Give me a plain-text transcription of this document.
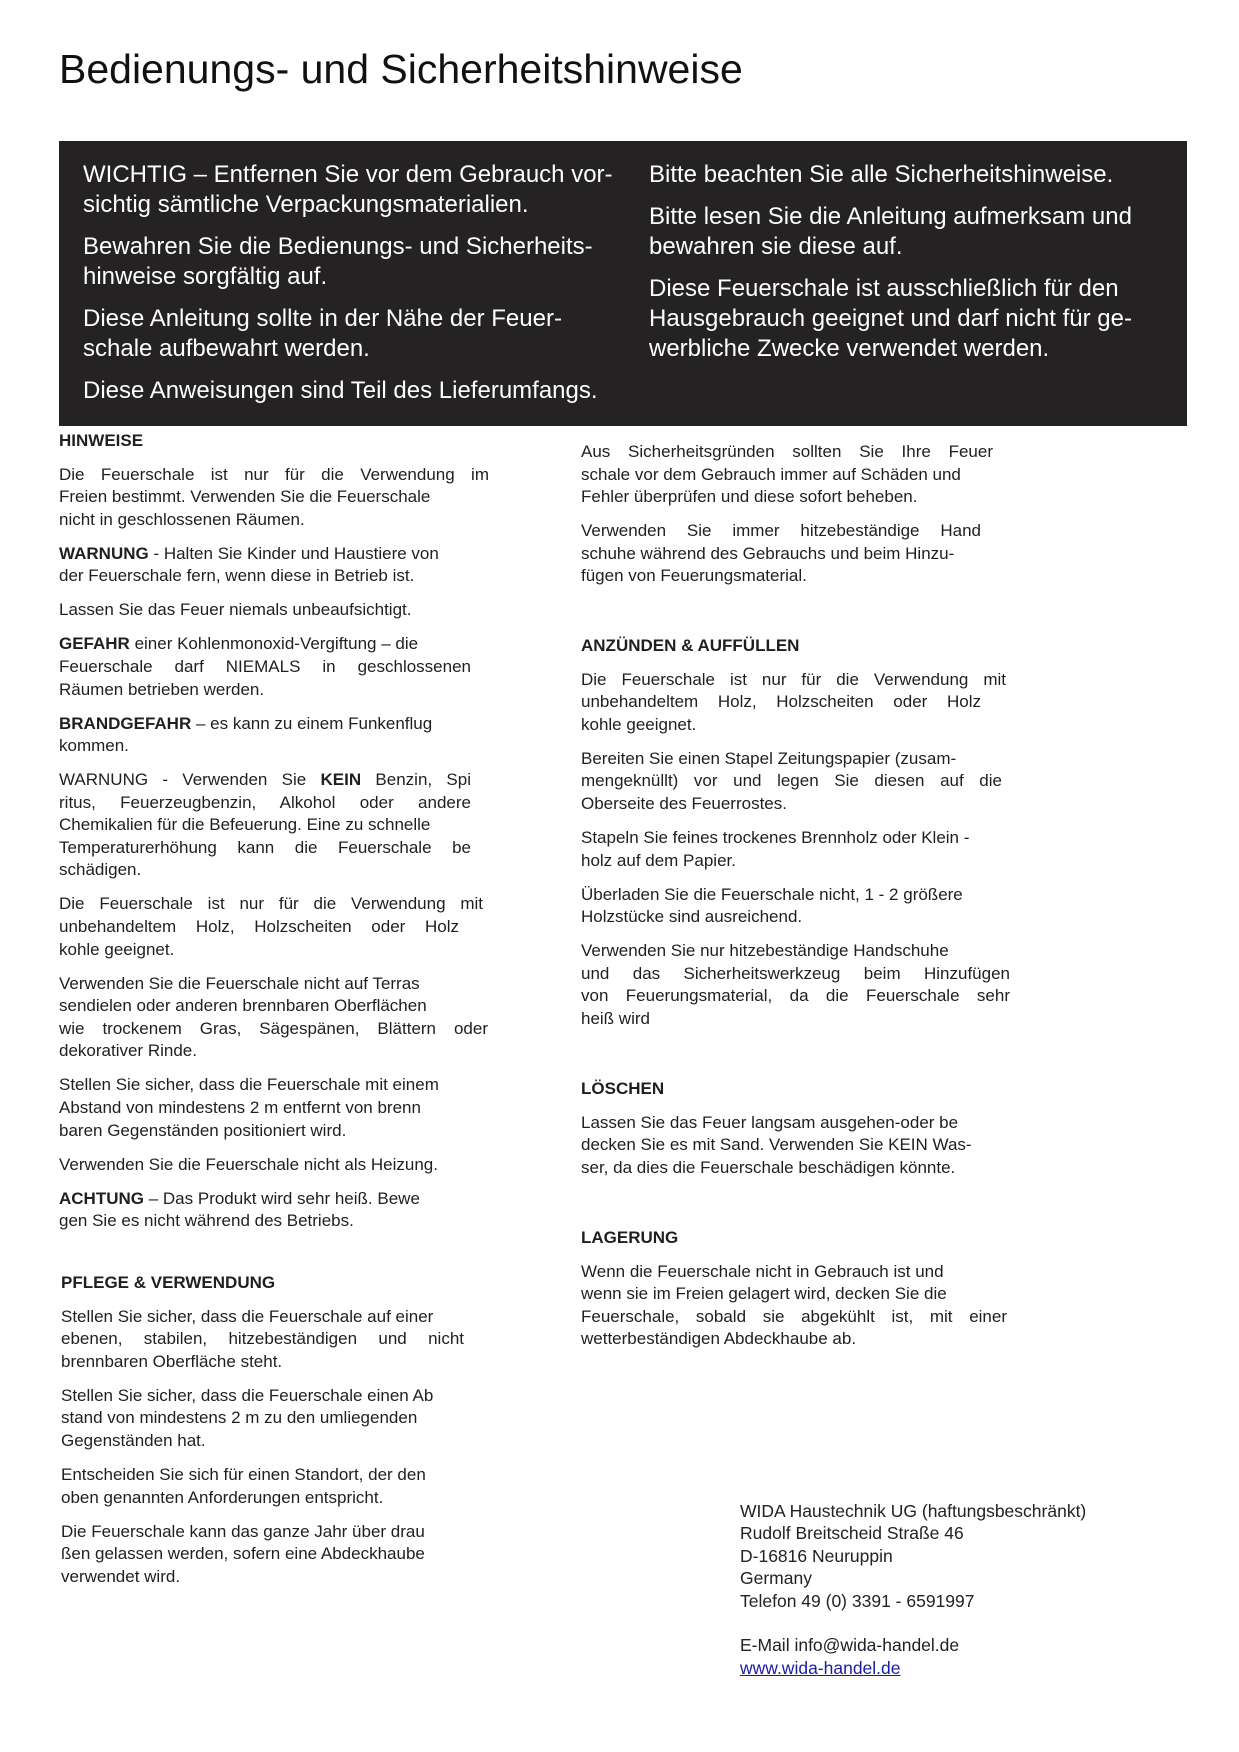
Bedienungs- und Sicherheitshinweise

WICHTIG – Entfernen Sie vor dem Gebrauch vor-
sichtig sämtliche Verpackungsmaterialien.

Bewahren Sie die Bedienungs- und Sicherheits-
hinweise sorgfältig auf.

Diese Anleitung sollte in der Nähe der Feuer-
schale aufbewahrt werden.

Diese Anweisungen sind Teil des Lieferumfangs.

Bitte beachten Sie alle Sicherheitshinweise.

Bitte lesen Sie die Anleitung aufmerksam und
bewahren sie diese auf.

Diese Feuerschale ist ausschließlich für den
Hausgebrauch geeignet und darf nicht für ge-
werbliche Zwecke verwendet werden.

HINWEISE

Die Feuerschale ist nur für die Verwendung im
Freien bestimmt. Verwenden Sie die Feuerschale
nicht in geschlossenen Räumen.

WARNUNG - Halten Sie Kinder und Haustiere von
der Feuerschale fern, wenn diese in Betrieb ist.

Lassen Sie das Feuer niemals unbeaufsichtigt.

GEFAHR einer Kohlenmonoxid-Vergiftung – die

Feuerschale darf NIEMALS in geschlossenen
Räumen betrieben werden.

BRANDGEFAHR – es kann zu einem Funkenflug
kommen.

WARNUNG - Verwenden Sie KEIN Benzin, Spi
ritus, Feuerzeugbenzin, Alkohol oder andere
Chemikalien für die Befeuerung. Eine zu schnelle

Temperaturerhöhung kann die Feuerschale be
schädigen.

Die Feuerschale ist nur für die Verwendung mit
unbehandeltem Holz, Holzscheiten oder Holz
kohle geeignet.

Verwenden Sie die Feuerschale nicht auf Terras
sendielen oder anderen brennbaren Oberflächen

wie trockenem Gras, Sägespänen, Blättern oder
dekorativer Rinde.

Stellen Sie sicher, dass die Feuerschale mit einem
Abstand von mindestens 2 m entfernt von brenn
baren Gegenständen positioniert wird.

Verwenden Sie die Feuerschale nicht als Heizung.

ACHTUNG – Das Produkt wird sehr heiß. Bewe
gen Sie es nicht während des Betriebs.

PFLEGE & VERWENDUNG

Stellen Sie sicher, dass die Feuerschale auf einer

ebenen, stabilen, hitzebeständigen und nicht
brennbaren Oberfläche steht.

Stellen Sie sicher, dass die Feuerschale einen Ab
stand von mindestens 2 m zu den umliegenden
Gegenständen hat.

Entscheiden Sie sich für einen Standort, der den
oben genannten Anforderungen entspricht.

Die Feuerschale kann das ganze Jahr über drau
ßen gelassen werden, sofern eine Abdeckhaube
verwendet wird.

Aus Sicherheitsgründen sollten Sie Ihre Feuer
schale vor dem Gebrauch immer auf Schäden und
Fehler überprüfen und diese sofort beheben.

Verwenden Sie immer hitzebeständige Hand
schuhe während des Gebrauchs und beim Hinzu-
fügen von Feuerungsmaterial.

ANZÜNDEN & AUFFÜLLEN

Die Feuerschale ist nur für die Verwendung mit
unbehandeltem Holz, Holzscheiten oder Holz
kohle geeignet.

Bereiten Sie einen Stapel Zeitungspapier (zusam-

mengeknüllt) vor und legen Sie diesen auf die
Oberseite des Feuerrostes.

Stapeln Sie feines trockenes Brennholz oder Klein -
holz auf dem Papier.

Überladen Sie die Feuerschale nicht, 1 - 2 größere
Holzstücke sind ausreichend.

Verwenden Sie nur hitzebeständige Handschuhe

und das Sicherheitswerkzeug beim Hinzufügen
von Feuerungsmaterial, da die Feuerschale sehr
heiß wird

LÖSCHEN

Lassen Sie das Feuer langsam ausgehen-oder be
decken Sie es mit Sand. Verwenden Sie KEIN Was-
ser, da dies die Feuerschale beschädigen könnte.

LAGERUNG

Wenn die Feuerschale nicht in Gebrauch ist und
wenn sie im Freien gelagert wird, decken Sie die

Feuerschale, sobald sie abgekühlt ist, mit einer
wetterbeständigen Abdeckhaube ab.

WIDA Haustechnik UG (haftungsbeschränkt)
Rudolf Breitscheid Straße 46
D-16816 Neuruppin
Germany
Telefon 49 (0) 3391 - 6591997
E-Mail info@wida-handel.de
www.wida-handel.de
